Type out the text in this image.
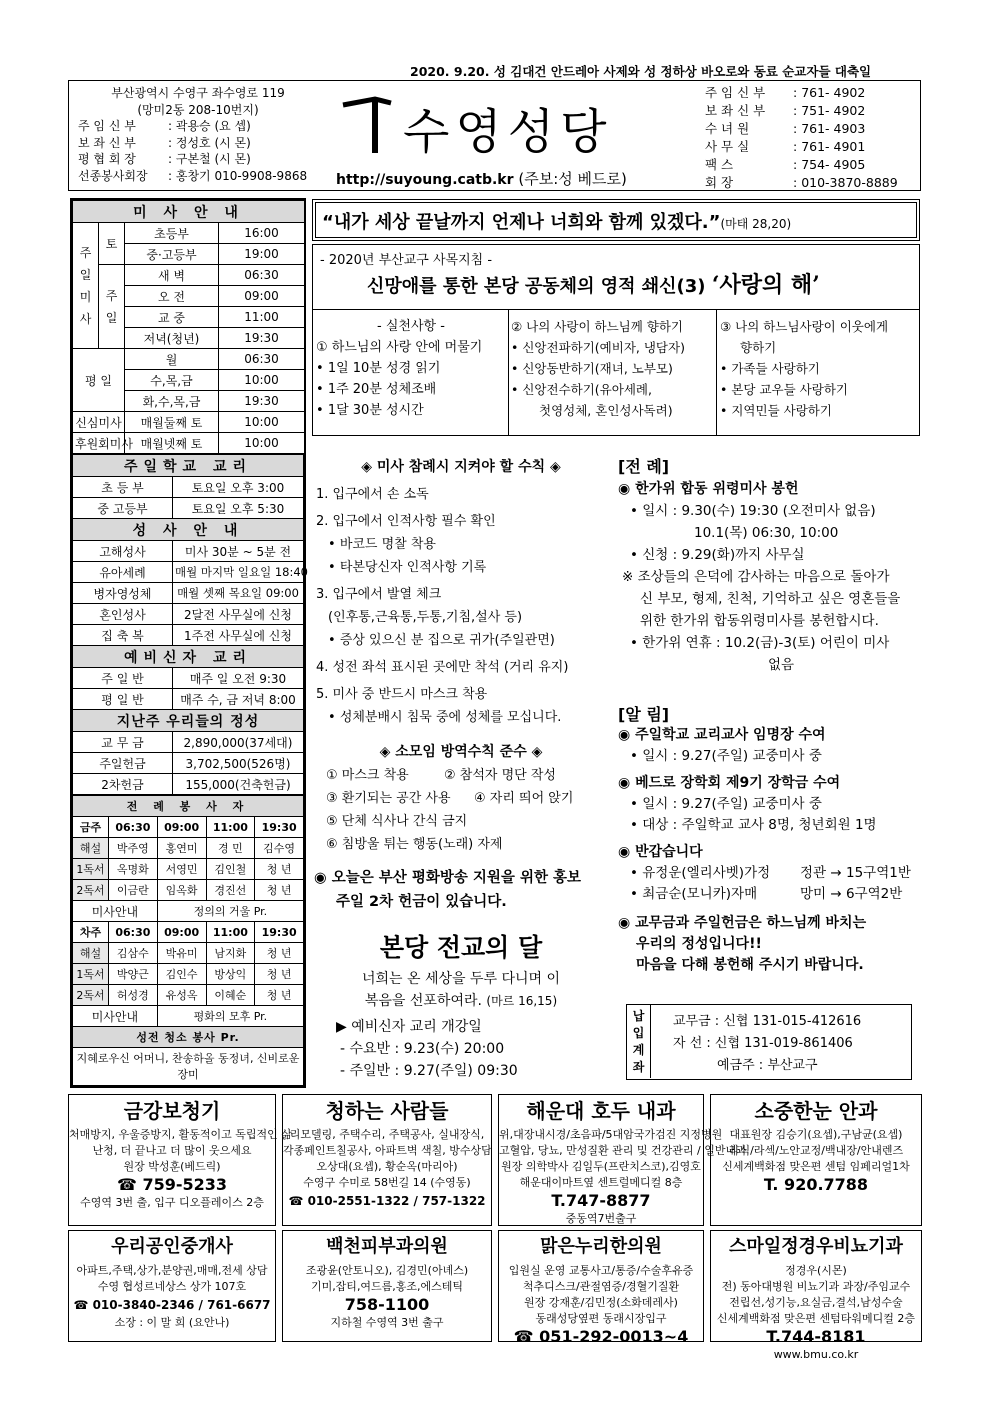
2020. 9.20. 성 김대건 안드레아 사제와 성 정하상 바오로와 동료 순교자들 대축일
부산광역시 수영구 좌수영로 119
(망미2동 208-10번지)
주 임 신 부	: 곽용승 (요 셉)
보 좌 신 부	: 정성호 (시 몬)
평 협 회 장	: 구본철 (시 몬)
선종봉사회장 : 홍창기 010-9908-9868
수영성당
http://suyoung.catb.kr (주보:성 베드로)
주 임 신 부 : 761- 4902
보 좌 신 부 : 751- 4902
수 녀 원	: 761- 4903
사 무 실	: 761- 4901
팩 스	: 754- 4905
회 장	: 010-3870-8889
미 사 안 내			
주
일
미
사	토	초등부	16:00
		중·고등부	19:00
	주
일	새 벽	06:30
		오 전	09:00
		교 중	11:00
		저녁(청년)	19:30
평 일		월	06:30
		수,목,금	10:00
		화,수,목,금	19:30
신심미사		매월둘째 토	10:00
후원회미사		매월넷째 토	10:00
주일학교 교리	
초 등 부	토요일 오후 3:00
중 고등부	토요일 오후 5:30
성 사 안 내	
고해성사	미사 30분 ~ 5분 전
유아세례	매월 마지막 일요일 18:40
병자영성체	매월 셋째 목요일 09:00
혼인성사	2달전 사무실에 신청
집 축 복	1주전 사무실에 신청
예비신자 교리	
주 일 반	매주 일 오전 9:30
평 일 반	매주 수, 금 저녁 8:00
지난주 우리들의 정성	
교 무 금	2,890,000(37세대)
주일헌금	3,702,500(526명)
2차헌금	155,000(건축헌금)
전 례 봉 사 자				
금주	06:30	09:00	11:00	19:30
해설	박주영	홍연미	경 민	김수영
1독서	옥명화	서영민	김인철	청 년
2독서	이금란	임옥화	경진선	청 년
미사안내		정의의 거울 Pr.		
차주	06:30	09:00	11:00	19:30
해설	김삼수	박유미	남지화	청 년
1독서	박양근	김인수	방상익	청 년
2독서	허성경	유성옥	이혜순	청 년
미사안내		평화의 모후 Pr.		
성전 청소 봉사 Pr.				
지혜로우신 어머니, 찬송하올 동정녀, 신비로운 장미				
“내가 세상 끝날까지 언제나 너희와 함께 있겠다.”(마태 28,20)
- 2020년 부산교구 사목지침 -
신망애를 통한 본당 공동체의 영적 쇄신(3) ‘사랑의 해’
- 실천사항 -
① 하느님의 사랑 안에 머물기
• 1일 10분 성경 읽기
• 1주 20분 성체조배
• 1달 30분 성시간
② 나의 사랑이 하느님께 향하기
• 신앙전파하기(예비자, 냉담자)
• 신앙동반하기(재녀, 노부모)
• 신앙전수하기(유아세례,
첫영성체, 혼인성사독려)
③ 나의 하느님사랑이 이웃에게
향하기
• 가족들 사랑하기
• 본당 교우들 사랑하기
• 지역민들 사랑하기
◈ 미사 참례시 지켜야 할 수칙 ◈
1. 입구에서 손 소독
2. 입구에서 인적사항 필수 확인
• 바코드 명찰 착용
• 타본당신자 인적사항 기록
3. 입구에서 발열 체크
(인후통,근육통,두통,기침,설사 등)
• 증상 있으신 분 집으로 귀가(주일관면)
4. 성전 좌석 표시된 곳에만 착석 (거리 유지)
5. 미사 중 반드시 마스크 착용
• 성체분배시 침묵 중에 성체를 모십니다.
◈ 소모임 방역수칙 준수 ◈
① 마스크 착용	② 참석자 명단 작성
③ 환기되는 공간 사용 ④ 자리 띄어 앉기
⑤ 단체 식사나 간식 금지
⑥ 침방울 튀는 행동(노래) 자제
◉ 오늘은 부산 평화방송 지원을 위한 홍보
주일 2차 헌금이 있습니다.
본당 전교의 달
너희는 온 세상을 두루 다니며 이
복음을 선포하여라. (마르 16,15)
▶ 예비신자 교리 개강일
- 수요반 : 9.23(수) 20:00
- 주일반 : 9.27(주일) 09:30
[전 례]
◉ 한가위 합동 위령미사 봉헌
• 일시 : 9.30(수) 19:30 (오전미사 없음)
10.1(목) 06:30, 10:00
• 신청 : 9.29(화)까지 사무실
※ 조상들의 은덕에 감사하는 마음으로 돌아가
신 부모, 형제, 친척, 기억하고 싶은 영혼들을
위한 한가위 합동위령미사를 봉헌합시다.
• 한가위 연휴 : 10.2(금)-3(토) 어린이 미사
없음
[알 림]
◉ 주일학교 교리교사 임명장 수여
• 일시 : 9.27(주일) 교중미사 중
◉ 베드로 장학회 제9기 장학금 수여
• 일시 : 9.27(주일) 교중미사 중
• 대상 : 주일학교 교사 8명, 청년회원 1명
◉ 반갑습니다
• 유정운(엘리사벳)가정 정관 → 15구역1반
• 최금순(모니카)자매	망미 → 6구역2반
◉ 교무금과 주일헌금은 하느님께 바치는
우리의 정성입니다!!
마음을 다해 봉헌해 주시기 바랍니다.
납
입
계
좌
교무금 : 신협 131-015-412616
자 선 : 신협 131-019-861406
예금주 : 부산교구
금강보청기
처매방지, 우울증방지, 활동적이고 독립적인 삶
난청, 더 끝나고 더 많이 웃으세요
원장 박성훈(베드릭)
☎ 759-5233
수영역 3번 출, 입구 디오플레이스 2층
청하는 사람들
리모델링, 주택수리, 주택공사, 실내장식,
각종페인트칠공사, 아파트벽 색칠, 방수상담
오상대(요셉), 황순옥(마리아)
수영구 수미로 58번길 14 (수영동)
☎ 010-2551-1322 / 757-1322
해운대 호두 내과
위,대장내시경/초음파/5대암국가검진 지정병원
고혈압, 당뇨, 만성질환 관리 및 건강관리 / 일반내과
원장 의학박사 김일두(프란치스코),김영호
해운대이마트옆 센트럴메디컬 8층
T.747-8877
중동역7번출구
소중한눈 안과
대표원장 김승기(요셉),구남균(요셉)
라식/라섹/노안교정/백내장/안내렌즈
신세계백화점 맞은편 센텀 임페리얼1차
T. 920.7788
우리공인중개사
아파트,주택,상가,분양권,매매,전세 상담
수영 협성르네상스 상가 107호
☎ 010-3840-2346 / 761-6677
소장 : 이 말 희 (요안나)
백천피부과의원
조광윤(안토니오), 김경민(아녜스)
기미,잡티,여드름,홍조,에스테틱
758-1100
지하철 수영역 3번 출구
맑은누리한의원
입원실 운영 교통사고/통증/수술후유증
척추디스크/관절염증/경혈기질환
원장 강재훈/김민정(소화데레사)
동래성당옆편 동래시장입구
☎ 051-292-0013~4
스마일정경우비뇨기과
정경우(시몬)
전) 동아대병원 비뇨기과 과장/주임교수
전립선,성기능,요실금,결석,남성수술
신세계백화점 맞은편 센텀타워메디컬 2층
T.744-8181
www.bmu.co.kr
